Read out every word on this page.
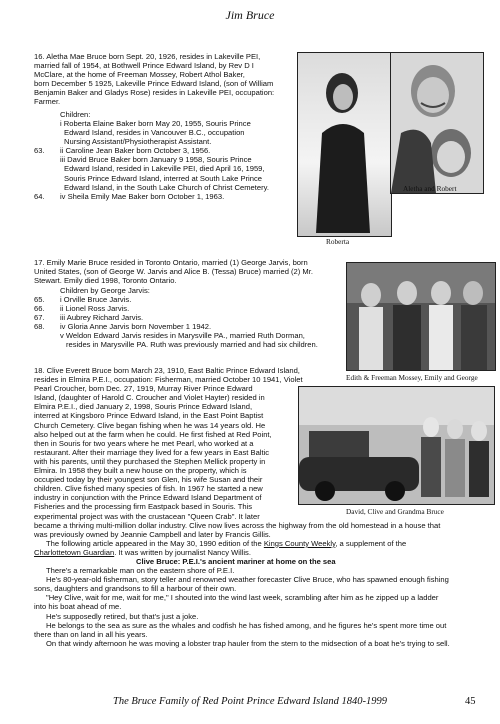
Jim Bruce
16. Aletha Mae Bruce born Sept. 20, 1926, resides in Lakeville PEI,
married fall of 1954, at Bothwell Prince Edward Island, by Rev D I
McClare, at the home of Freeman Mossey, Robert Athol Baker,
born December 5 1925, Lakeville Prince Edward Island, (son of William
Benjamin Baker and Gladys Rose) resides in Lakeville PEI, occupation:
Farmer.
Children:
i Roberta Elaine Baker born May 20, 1955, Souris Prince
Edward Island, resides in Vancouver B.C., occupation
Nursing Assistant/Physiotherapist Assistant.
63. ii Caroline Jean Baker born October 3, 1956.
iii David Bruce Baker born January 9 1958, Souris Prince
Edward Island, resided in Lakeville PEI, died April 16, 1959,
Souris Prince Edward Island, interred at South Lake Prince
Edward Island, in the South Lake Church of Christ Cemetery.
64. iv Sheila Emily Mae Baker born October 1, 1963.
Roberta
Aletha and Robert
17. Emily Marie Bruce resided in Toronto Ontario, married (1) George Jarvis, born
United States, (son of George W. Jarvis and Alice B. (Tessa) Bruce) married (2) Mr.
Stewart. Emily died 1998, Toronto Ontario.
Children by George Jarvis:
65. i Orville Bruce Jarvis.
66. ii Lionel Ross Jarvis.
67. iii Aubrey Richard Jarvis.
68. iv Gloria Anne Jarvis born November 1 1942.
v Weldon Edward Jarvis resides in Marysville PA., married Ruth Dorman,
resides in Marysville PA. Ruth was previously married and had six children.
Edith & Freeman Mossey, Emily and George
18. Clive Everett Bruce born March 23, 1910, East Baltic Prince Edward Island,
resides in Elmira P.E.I., occupation: Fisherman, married October 10 1941, Violet
Pearl Croucher, born Dec. 27, 1919, Murray River Prince Edward
Island, (daughter of Harold C. Croucher and Violet Hayter) resided in
Elmira P.E.I., died January 2, 1998, Souris Prince Edward Island,
interred at Kingsboro Prince Edward Island, in the East Point Baptist
Church Cemetery. Clive began fishing when he was 14 years old. He
also helped out at the farm when he could. He first fished at Red Point,
then in Souris for two years where he met Pearl, who worked at a
restaurant. After their marriage they lived for a few years in East Baltic
with his parents, until they purchased the Stephen Mellick property in
Elmira. In 1958 they built a new house on the property, which is
occupied today by their youngest son Glen, his wife Susan and their
children. Clive fished many species of fish. In 1967 he started a new
industry in conjunction with the Prince Edward Island Department of
Fisheries and the processing firm Eastpack based in Souris. This
experimental project was with the crustacean "Queen Crab". It later
became a thriving multi-million dollar industry. Clive now lives across the highway from the old homestead in a house that
was previously owned by Jeannie Campbell and later by Francis Gillis.
The following article appeared in the May 30, 1990 edition of the Kings County Weekly, a supplement of the
Charlottetown Guardian. It was written by journalist Nancy Willis.
Clive Bruce: P.E.I.'s ancient mariner at home on the sea
There's a remarkable man on the eastern shore of P.E.I.
He's 80-year-old fisherman, story teller and renowned weather forecaster Clive Bruce, who has spawned enough fishing
sons, daughters and grandsons to fill a harbour of their own.
"Hey Clive, wait for me, wait for me," I shouted into the wind last week, scrambling after him as he zipped up a ladder
into his boat ahead of me.
He's supposedly retired, but that's just a joke.
He belongs to the sea as sure as the whales and codfish he has fished among, and he figures he's spent more time out
there than on land in all his years.
On that windy afternoon he was moving a lobster trap hauler from the stern to the midsection of a boat he's trying to sell.
David, Clive and Grandma Bruce
The Bruce Family of Red Point Prince Edward Island 1840-1999	45
